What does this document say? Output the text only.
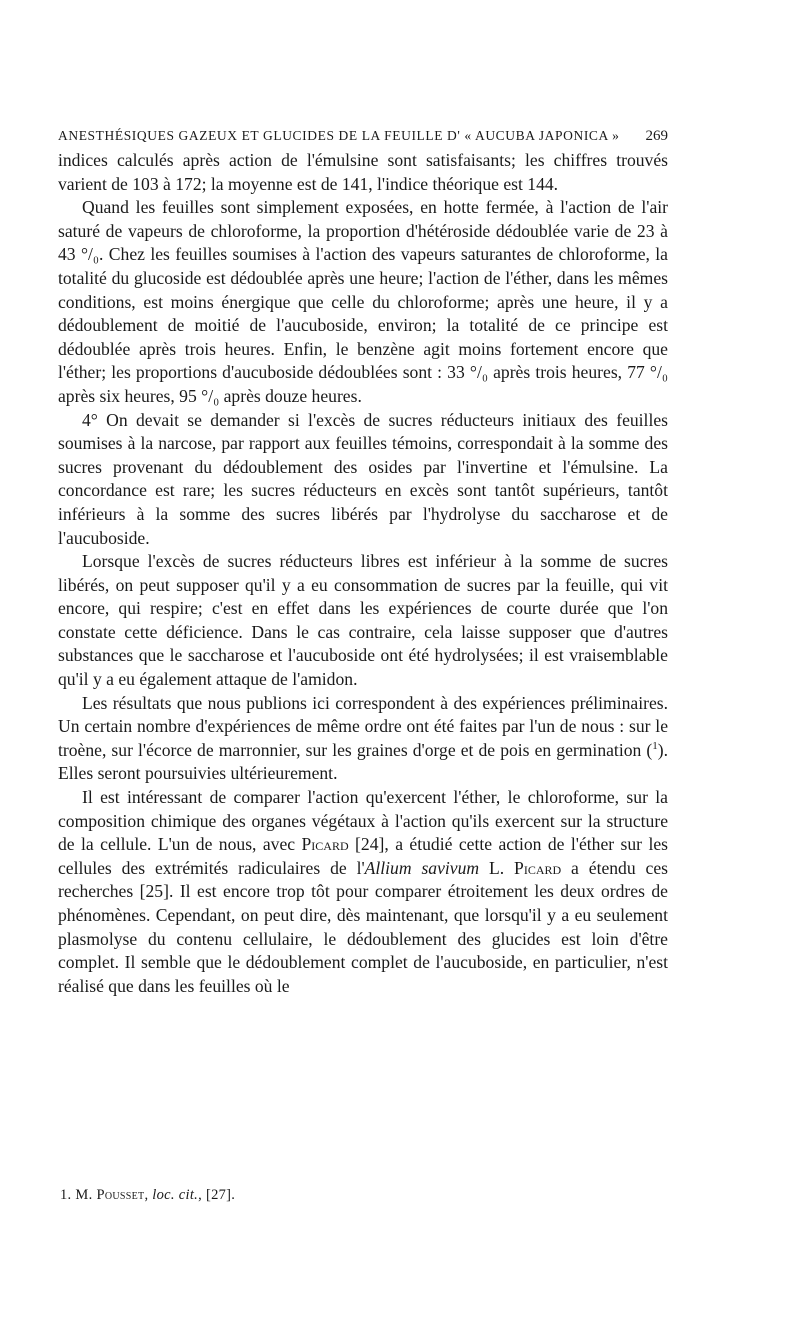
ANESTHÉSIQUES GAZEUX ET GLUCIDES DE LA FEUILLE D' « AUCUBA JAPONICA » 269

indices calculés après action de l'émulsine sont satisfaisants; les chiffres trouvés varient de 103 à 172; la moyenne est de 141, l'indice théorique est 144.

Quand les feuilles sont simplement exposées, en hotte fermée, à l'action de l'air saturé de vapeurs de chloroforme, la proportion d'hétéroside dédoublée varie de 23 à 43 °/₀. Chez les feuilles soumises à l'action des vapeurs saturantes de chloroforme, la totalité du glucoside est dédoublée après une heure; l'action de l'éther, dans les mêmes conditions, est moins énergique que celle du chloroforme; après une heure, il y a dédoublement de moitié de l'aucuboside, environ; la totalité de ce principe est dédoublée après trois heures. Enfin, le benzène agit moins fortement encore que l'éther; les proportions d'aucuboside dédoublées sont : 33 °/₀ après trois heures, 77 °/₀ après six heures, 95 °/₀ après douze heures.

4° On devait se demander si l'excès de sucres réducteurs initiaux des feuilles soumises à la narcose, par rapport aux feuilles témoins, correspondait à la somme des sucres provenant du dédoublement des osides par l'invertine et l'émulsine. La concordance est rare; les sucres réducteurs en excès sont tantôt supérieurs, tantôt inférieurs à la somme des sucres libérés par l'hydrolyse du saccharose et de l'aucuboside.

Lorsque l'excès de sucres réducteurs libres est inférieur à la somme de sucres libérés, on peut supposer qu'il y a eu consommation de sucres par la feuille, qui vit encore, qui respire; c'est en effet dans les expériences de courte durée que l'on constate cette déficience. Dans le cas contraire, cela laisse supposer que d'autres substances que le saccharose et l'aucuboside ont été hydrolysées; il est vraisemblable qu'il y a eu également attaque de l'amidon.

Les résultats que nous publions ici correspondent à des expériences préliminaires. Un certain nombre d'expériences de même ordre ont été faites par l'un de nous : sur le troène, sur l'écorce de marronnier, sur les graines d'orge et de pois en germination ($^1$). Elles seront poursuivies ultérieurement.

Il est intéressant de comparer l'action qu'exercent l'éther, le chloroforme, sur la composition chimique des organes végétaux à l'action qu'ils exercent sur la structure de la cellule. L'un de nous, avec Picard [24], a étudié cette action de l'éther sur les cellules des extrémités radiculaires de l'Allium savivum L. Picard a étendu ces recherches [25]. Il est encore trop tôt pour comparer étroitement les deux ordres de phénomènes. Cependant, on peut dire, dès maintenant, que lorsqu'il y a eu seulement plasmolyse du contenu cellulaire, le dédoublement des glucides est loin d'être complet. Il semble que le dédoublement complet de l'aucuboside, en particulier, n'est réalisé que dans les feuilles où le

1. M. Pousset, loc. cit., [27].
